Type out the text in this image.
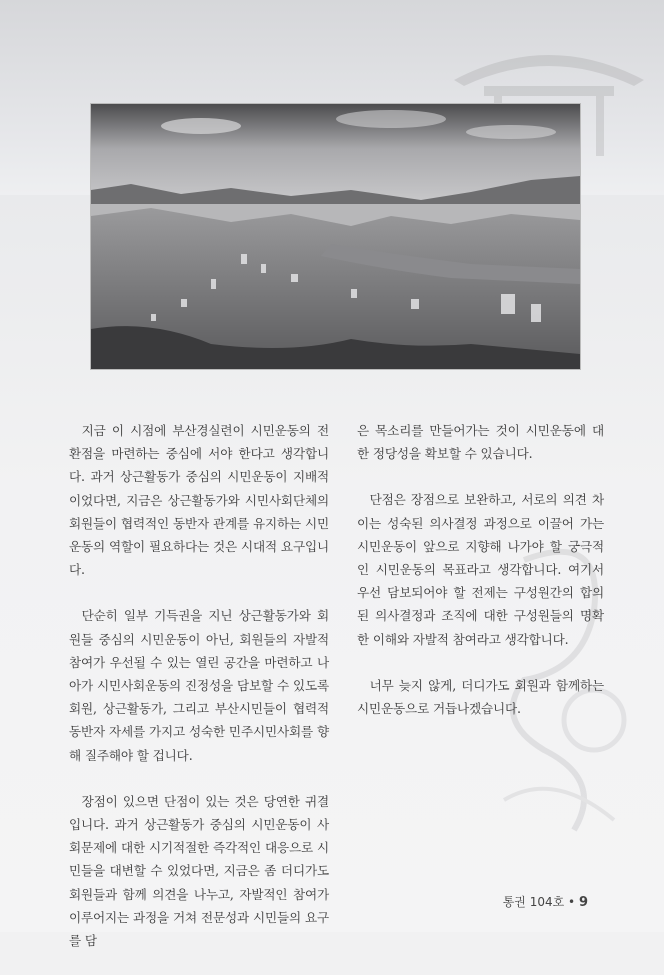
지금 이 시점에 부산경실련이 시민운동의 전환점을 마련하는 중심에 서야 한다고 생각합니다. 과거 상근활동가 중심의 시민운동이 지배적이었다면, 지금은 상근활동가와 시민사회단체의 회원들이 협력적인 동반자 관계를 유지하는 시민운동의 역할이 필요하다는 것은 시대적 요구입니다.

단순히 일부 기득권을 지닌 상근활동가와 회원들 중심의 시민운동이 아닌, 회원들의 자발적 참여가 우선될 수 있는 열린 공간을 마련하고 나아가 시민사회운동의 진정성을 담보할 수 있도록 회원, 상근활동가, 그리고 부산시민들이 협력적 동반자 자세를 가지고 성숙한 민주시민사회를 향해 질주해야 할 겁니다.

장점이 있으면 단점이 있는 것은 당연한 귀결입니다. 과거 상근활동가 중심의 시민운동이 사회문제에 대한 시기적절한 즉각적인 대응으로 시민들을 대변할 수 있었다면, 지금은 좀 더디가도 회원들과 함께 의견을 나누고, 자발적인 참여가 이루어지는 과정을 거쳐 전문성과 시민들의 요구를 담

은 목소리를 만들어가는 것이 시민운동에 대한 정당성을 확보할 수 있습니다.

단점은 장점으로 보완하고, 서로의 의견 차이는 성숙된 의사결정 과정으로 이끌어 가는 시민운동이 앞으로 지향해 나가야 할 궁극적인 시민운동의 목표라고 생각합니다. 여기서 우선 담보되어야 할 전제는 구성원간의 합의된 의사결정과 조직에 대한 구성원들의 명확한 이해와 자발적 참여라고 생각합니다.

너무 늦지 않게, 더디가도 회원과 함께하는 시민운동으로 거듭나겠습니다.

통권 104호 • 9
